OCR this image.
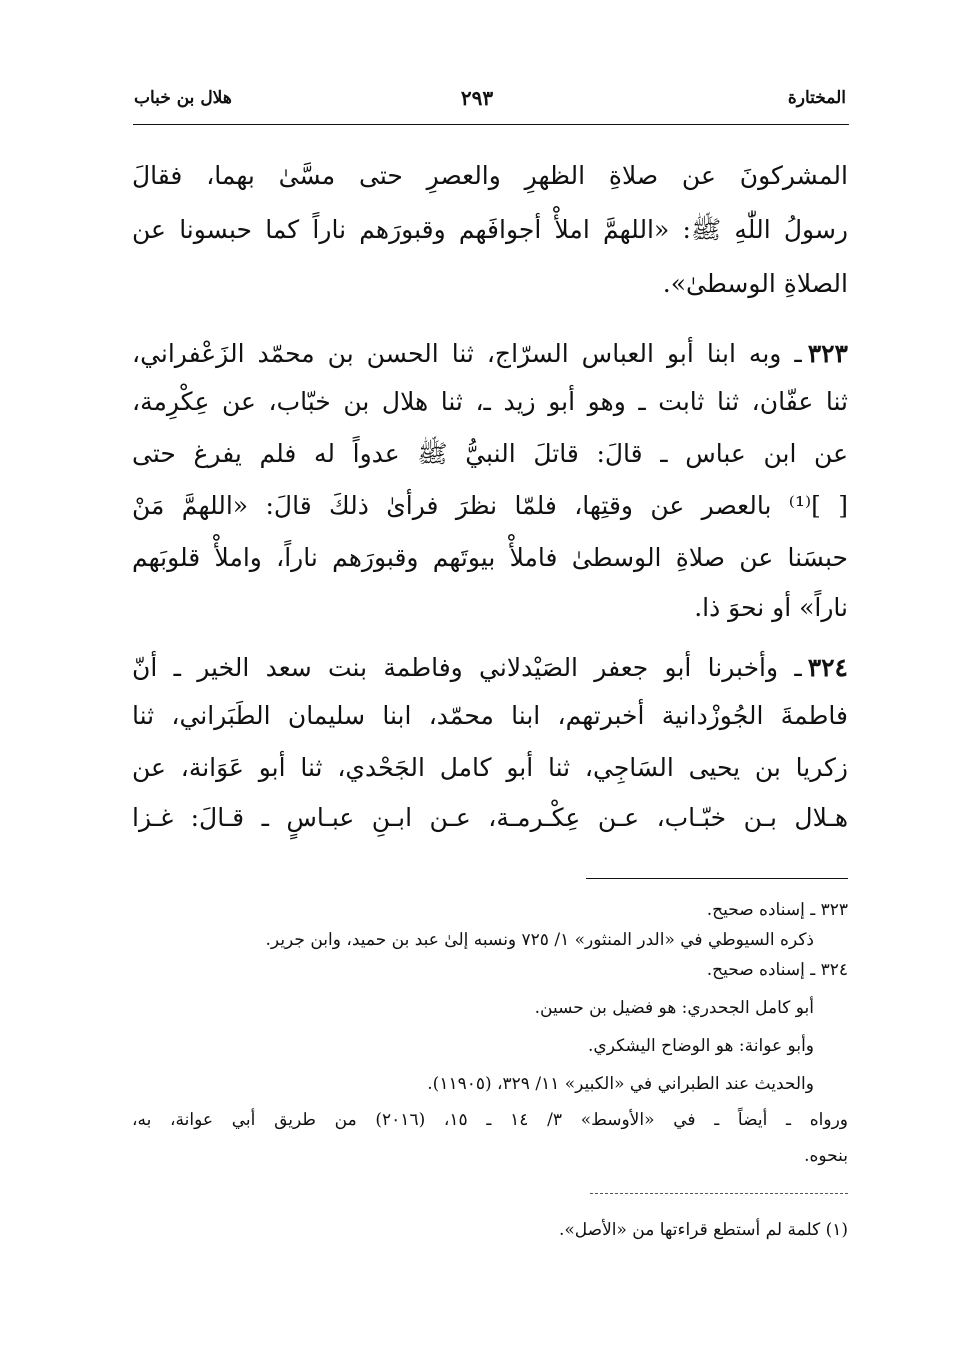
المختارة
٢٩٣
هلال بن خباب
المشركونَ عن صلاةِ الظهرِ والعصرِ حتى مسَّىٰ بهما، فقالَ
رسولُ اللّٰهِ ﷺ: «اللهمَّ املأْ أجوافَهم وقبورَهم ناراً كما حبسونا عن
الصلاةِ الوسطىٰ».
٣٢٣ـ وبه ابنا أبو العباس السرّاج، ثنا الحسن بن محمّد الزَعْفراني،
ثنا عفّان، ثنا ثابت ـ وهو أبو زيد ـ، ثنا هلال بن خبّاب، عن عِكْرِمة،
عن ابن عباس ـ قالَ: قاتلَ النبيُّ ﷺ عدواً له فلم يفرغ حتى
[ ]⁽¹⁾ بالعصر عن وقتِها، فلمّا نظرَ فرأىٰ ذلكَ قالَ: «اللهمَّ مَنْ
حبسَنا عن صلاةِ الوسطىٰ فاملأْ بيوتَهم وقبورَهم ناراً، واملأْ قلوبَهم
ناراً» أو نحوَ ذا.
٣٢٤ـ وأخبرنا أبو جعفر الصَيْدلاني وفاطمة بنت سعد الخير ـ أنّ
فاطمةَ الجُوزْدانية أخبرتهم، ابنا محمّد، ابنا سليمان الطَبَراني، ثنا
زكريا بن يحيى السَاجِي، ثنا أبو كامل الجَحْدي، ثنا أبو عَوَانة، عن
هـلال بـن خبّـاب، عـن عِكْـرمـة، عـن ابـنِ عبـاسٍ ـ قـالَ: غـزا
٣٢٣ ـ إسناده صحيح.
ذكره السيوطي في «الدر المنثور» ١/ ٧٢٥ ونسبه إلىٰ عبد بن حميد، وابن جرير.
٣٢٤ ـ إسناده صحيح.
أبو كامل الجحدري: هو فضيل بن حسين.
وأبو عوانة: هو الوضاح اليشكري.
والحديث عند الطبراني في «الكبير» ١١/ ٣٢٩، (١١٩٠٥).
ورواه ـ أيضاً ـ في «الأوسط» ٣/ ١٤ ـ ١٥، (٢٠١٦) من طريق أبي عوانة، به،
بنحوه.
(١) كلمة لم أستطع قراءتها من «الأصل».
